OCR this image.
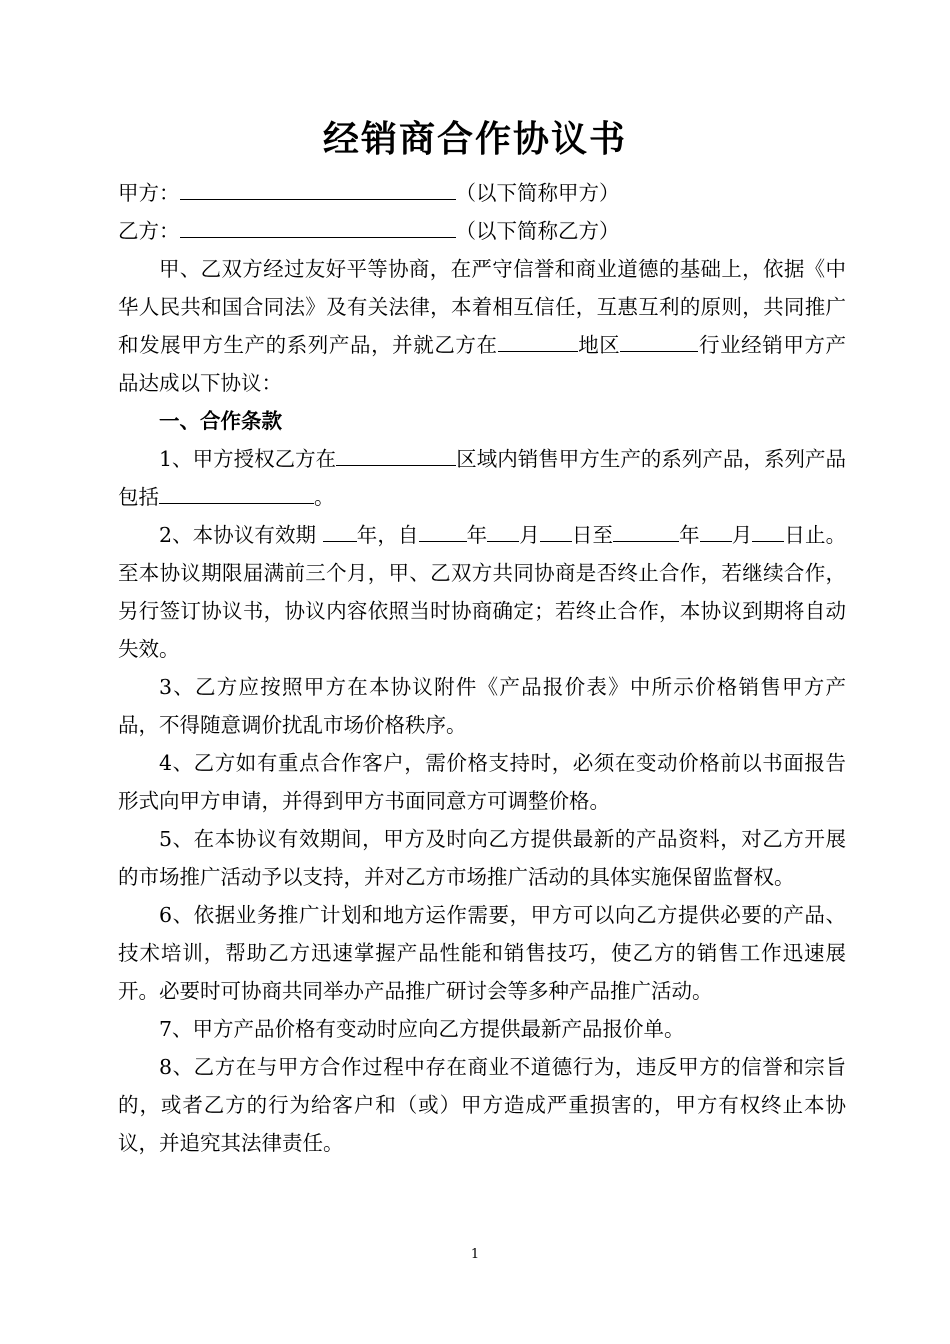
经销商合作协议书

甲方：	（以下简称甲方）

乙方：	（以下简称乙方）

甲、乙双方经过友好平等协商，在严守信誉和商业道德的基础上，依据《中华人民共和国合同法》及有关法律，本着相互信任，互惠互利的原则，共同推广和发展甲方生产的系列产品，并就乙方在	地区	行业经销甲方产品达成以下协议：

一、合作条款

1、甲方授权乙方在	区域内销售甲方生产的系列产品，系列产品包括	。

2、本协议有效期 年，自 年 月 日至	年 月 日止。至本协议期限届满前三个月，甲、乙双方共同协商是否终止合作，若继续合作，另行签订协议书，协议内容依照当时协商确定；若终止合作，本协议到期将自动失效。

3、乙方应按照甲方在本协议附件《产品报价表》中所示价格销售甲方产品，不得随意调价扰乱市场价格秩序。

4、乙方如有重点合作客户，需价格支持时，必须在变动价格前以书面报告形式向甲方申请，并得到甲方书面同意方可调整价格。

5、在本协议有效期间，甲方及时向乙方提供最新的产品资料，对乙方开展的市场推广活动予以支持，并对乙方市场推广活动的具体实施保留监督权。

6、依据业务推广计划和地方运作需要，甲方可以向乙方提供必要的产品、技术培训，帮助乙方迅速掌握产品性能和销售技巧，使乙方的销售工作迅速展开。必要时可协商共同举办产品推广研讨会等多种产品推广活动。

7、甲方产品价格有变动时应向乙方提供最新产品报价单。

8、乙方在与甲方合作过程中存在商业不道德行为，违反甲方的信誉和宗旨的，或者乙方的行为给客户和（或）甲方造成严重损害的，甲方有权终止本协议，并追究其法律责任。

1
